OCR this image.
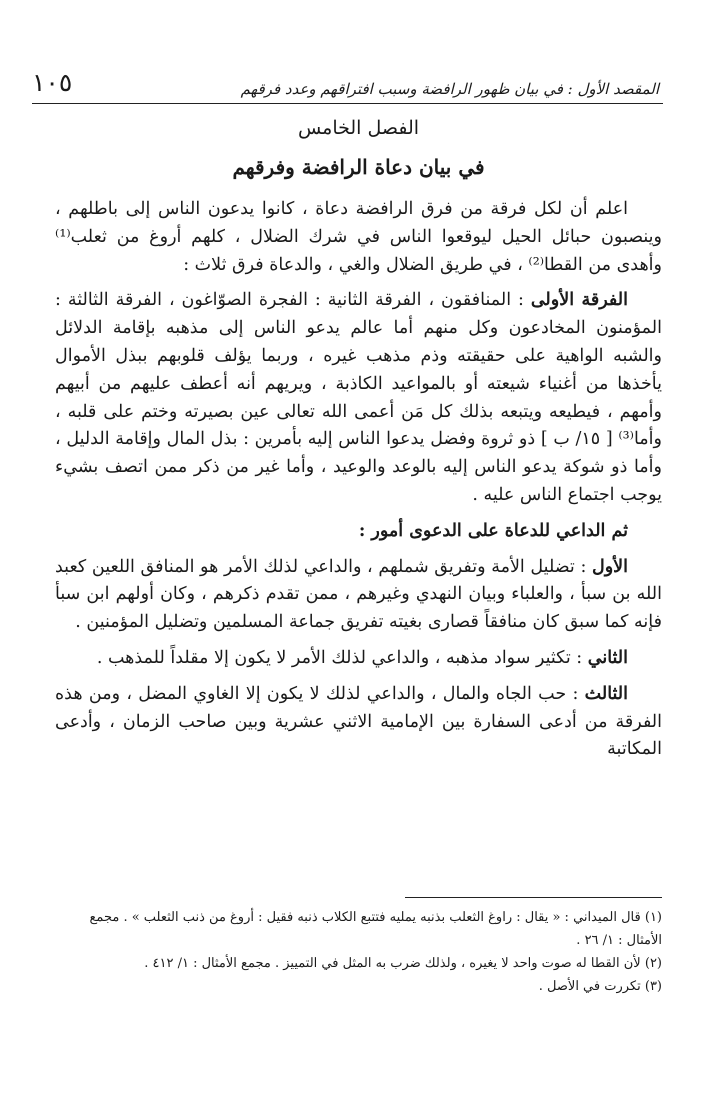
المقصد الأول : في بيان ظهور الرافضة وسبب افتراقهم وعدد فرقهم
١٠٥
الفصل الخامس
في بيان دعاة الرافضة وفرقهم

اعلم أن لكل فرقة من فرق الرافضة دعاة ، كانوا يدعون الناس إلى باطلهم ، وينصبون حبائل الحيل ليوقعوا الناس في شرك الضلال ، كلهم أروغ من ثعلب⁽¹⁾ وأهدى من القطا⁽²⁾ ، في طريق الضلال والغي ، والدعاة فرق ثلاث :

الفرقة الأولى : المنافقون ، الفرقة الثانية : الفجرة الصوّاغون ، الفرقة الثالثة : المؤمنون المخادعون وكل منهم أما عالم يدعو الناس إلى مذهبه بإقامة الدلائل والشبه الواهية على حقيقته وذم مذهب غيره ، وربما يؤلف قلوبهم ببذل الأموال يأخذها من أغنياء شيعته أو بالمواعيد الكاذبة ، ويريهم أنه أعطف عليهم من أبيهم وأمهم ، فيطيعه ويتبعه بذلك كل مَن أعمى الله تعالى عين بصيرته وختم على قلبه ، وأما⁽³⁾ [ ١٥/ ب ] ذو ثروة وفضل يدعوا الناس إليه بأمرين : بذل المال وإقامة الدليل ، وأما ذو شوكة يدعو الناس إليه بالوعد والوعيد ، وأما غير من ذكر ممن اتصف بشيء يوجب اجتماع الناس عليه .

ثم الداعي للدعاة على الدعوى أمور :

الأول : تضليل الأمة وتفريق شملهم ، والداعي لذلك الأمر هو المنافق اللعين كعبد الله بن سبأ ، والعلباء وبيان النهدي وغيرهم ، ممن تقدم ذكرهم ، وكان أولهم ابن سبأ فإنه كما سبق كان منافقاً قصارى بغيته تفريق جماعة المسلمين وتضليل المؤمنين .

الثاني : تكثير سواد مذهبه ، والداعي لذلك الأمر لا يكون إلا مقلداً للمذهب .

الثالث : حب الجاه والمال ، والداعي لذلك لا يكون إلا الغاوي المضل ، ومن هذه الفرقة من أدعى السفارة بين الإمامية الاثني عشرية وبين صاحب الزمان ، وأدعى المكاتبة

(١) قال الميداني : « يقال : راوغ الثعلب بذنبه يمليه فتتبع الكلاب ذنبه فقيل : أروغ من ذنب الثعلب » . مجمع الأمثال : ١/ ٢٦ .

(٢) لأن القطا له صوت واحد لا يغيره ، ولذلك ضرب به المثل في التمييز . مجمع الأمثال : ١/ ٤١٢ .

(٣) تكررت في الأصل .
